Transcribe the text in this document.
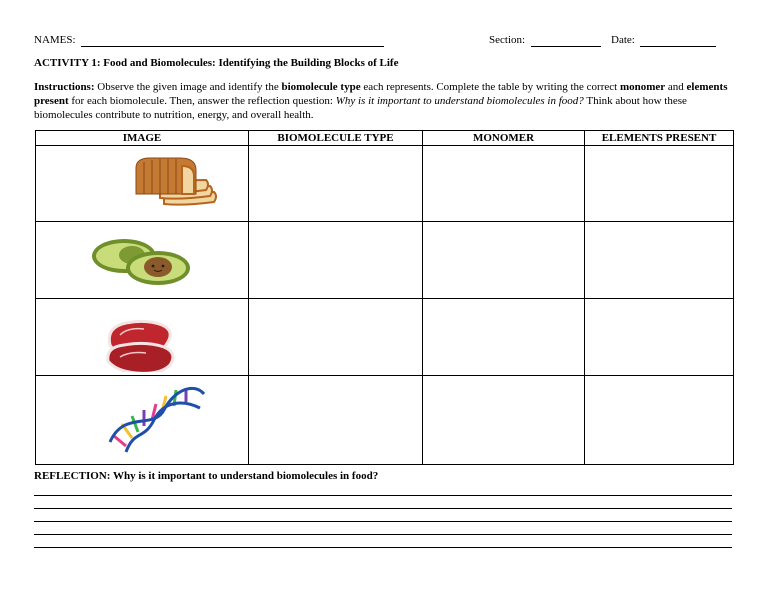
NAMES:	Section:	Date:
ACTIVITY 1: Food and Biomolecules: Identifying the Building Blocks of Life
Instructions: Observe the given image and identify the biomolecule type each represents. Complete the table by writing the correct monomer and elements present for each biomolecule. Then, answer the reflection question: Why is it important to understand biomolecules in food? Think about how these biomolecules contribute to nutrition, energy, and overall health.
IMAGE	BIOMOLECULE TYPE	MONOMER	ELEMENTS PRESENT

REFLECTION: Why is it important to understand biomolecules in food?
